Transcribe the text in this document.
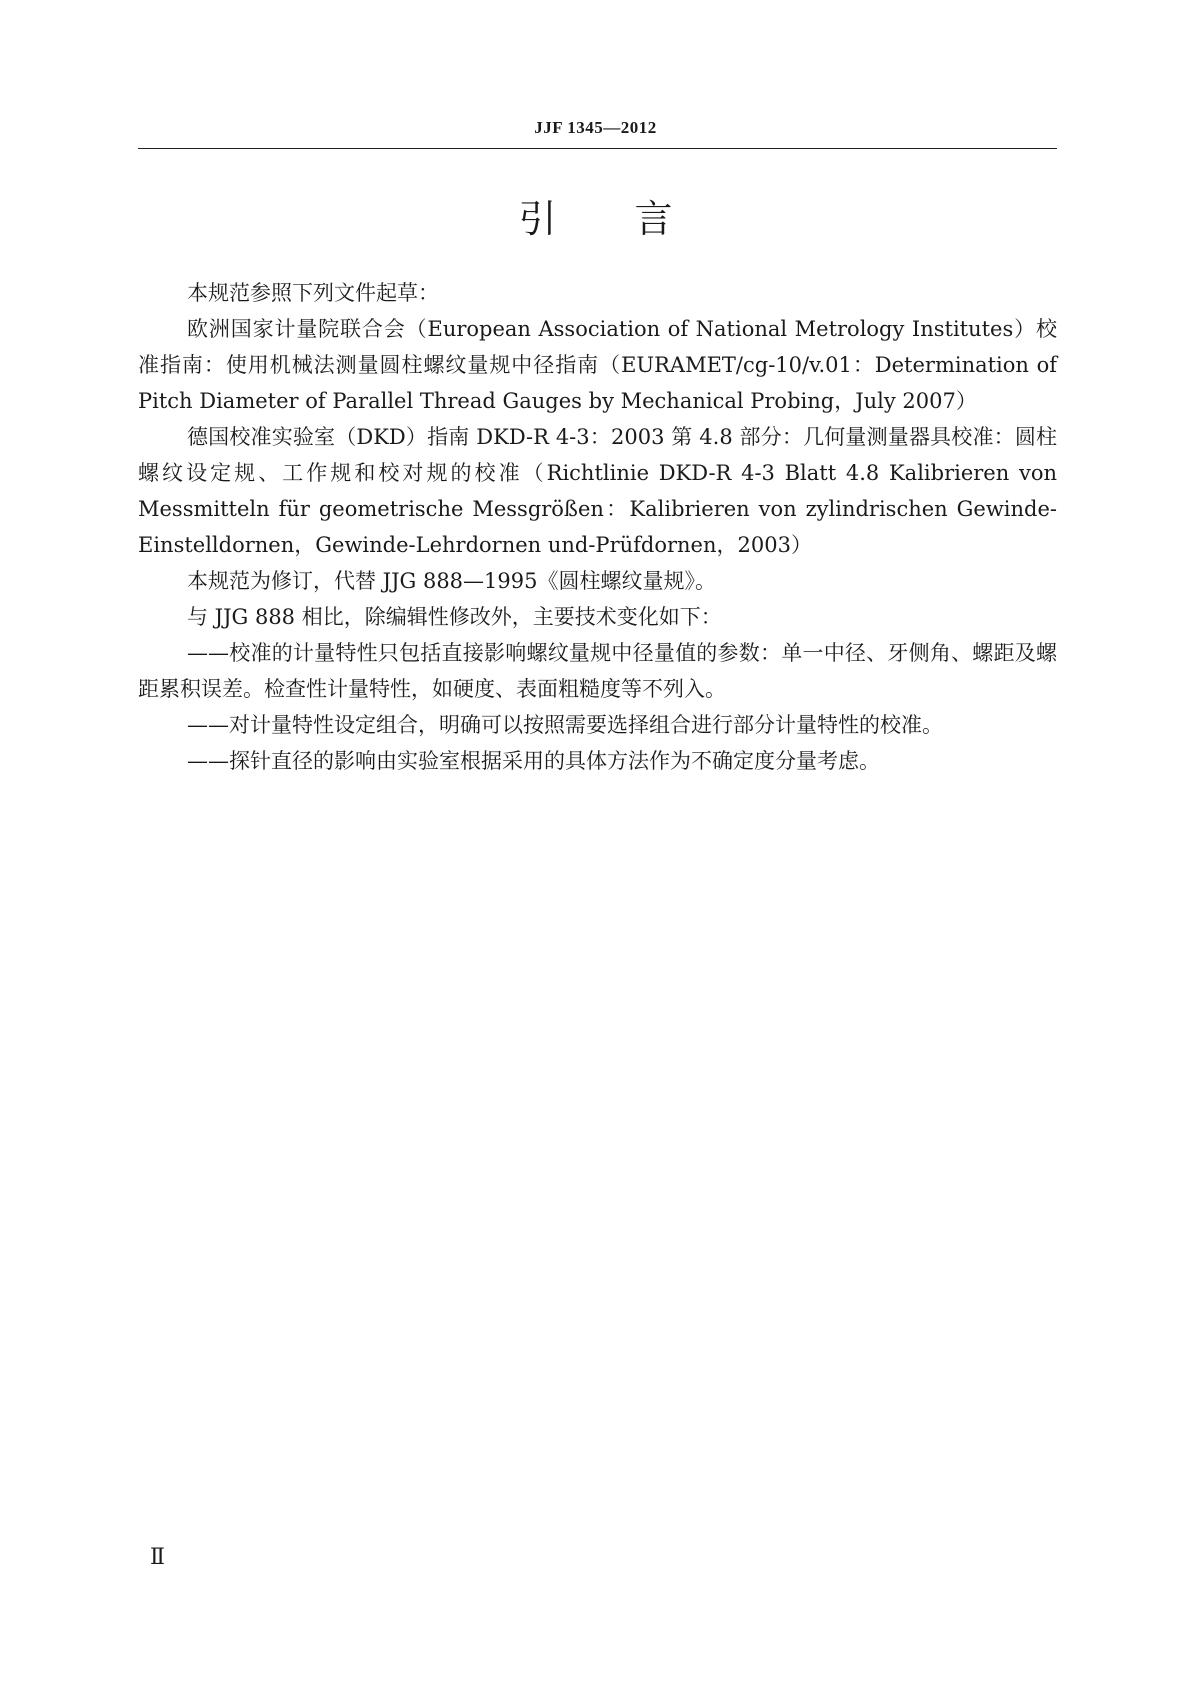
JJF 1345—2012
引 言

本规范参照下列文件起草：

欧洲国家计量院联合会（European Association of National Metrology Institutes）校准指南：使用机械法测量圆柱螺纹量规中径指南（EURAMET/cg-10/v.01：Determination of Pitch Diameter of Parallel Thread Gauges by Mechanical Probing，July 2007）

德国校准实验室（DKD）指南 DKD-R 4-3：2003 第 4.8 部分：几何量测量器具校准：圆柱螺纹设定规、工作规和校对规的校准（Richtlinie DKD-R 4-3 Blatt 4.8 Kalibrieren von Messmitteln für geometrische Messgrößen：Kalibrieren von zylindrischen Gewinde-Einstelldornen，Gewinde-Lehrdornen und-Prüfdornen，2003）

本规范为修订，代替 JJG 888—1995《圆柱螺纹量规》。

与 JJG 888 相比，除编辑性修改外，主要技术变化如下：

——校准的计量特性只包括直接影响螺纹量规中径量值的参数：单一中径、牙侧角、螺距及螺距累积误差。检查性计量特性，如硬度、表面粗糙度等不列入。

——对计量特性设定组合，明确可以按照需要选择组合进行部分计量特性的校准。

——探针直径的影响由实验室根据采用的具体方法作为不确定度分量考虑。

Ⅱ
